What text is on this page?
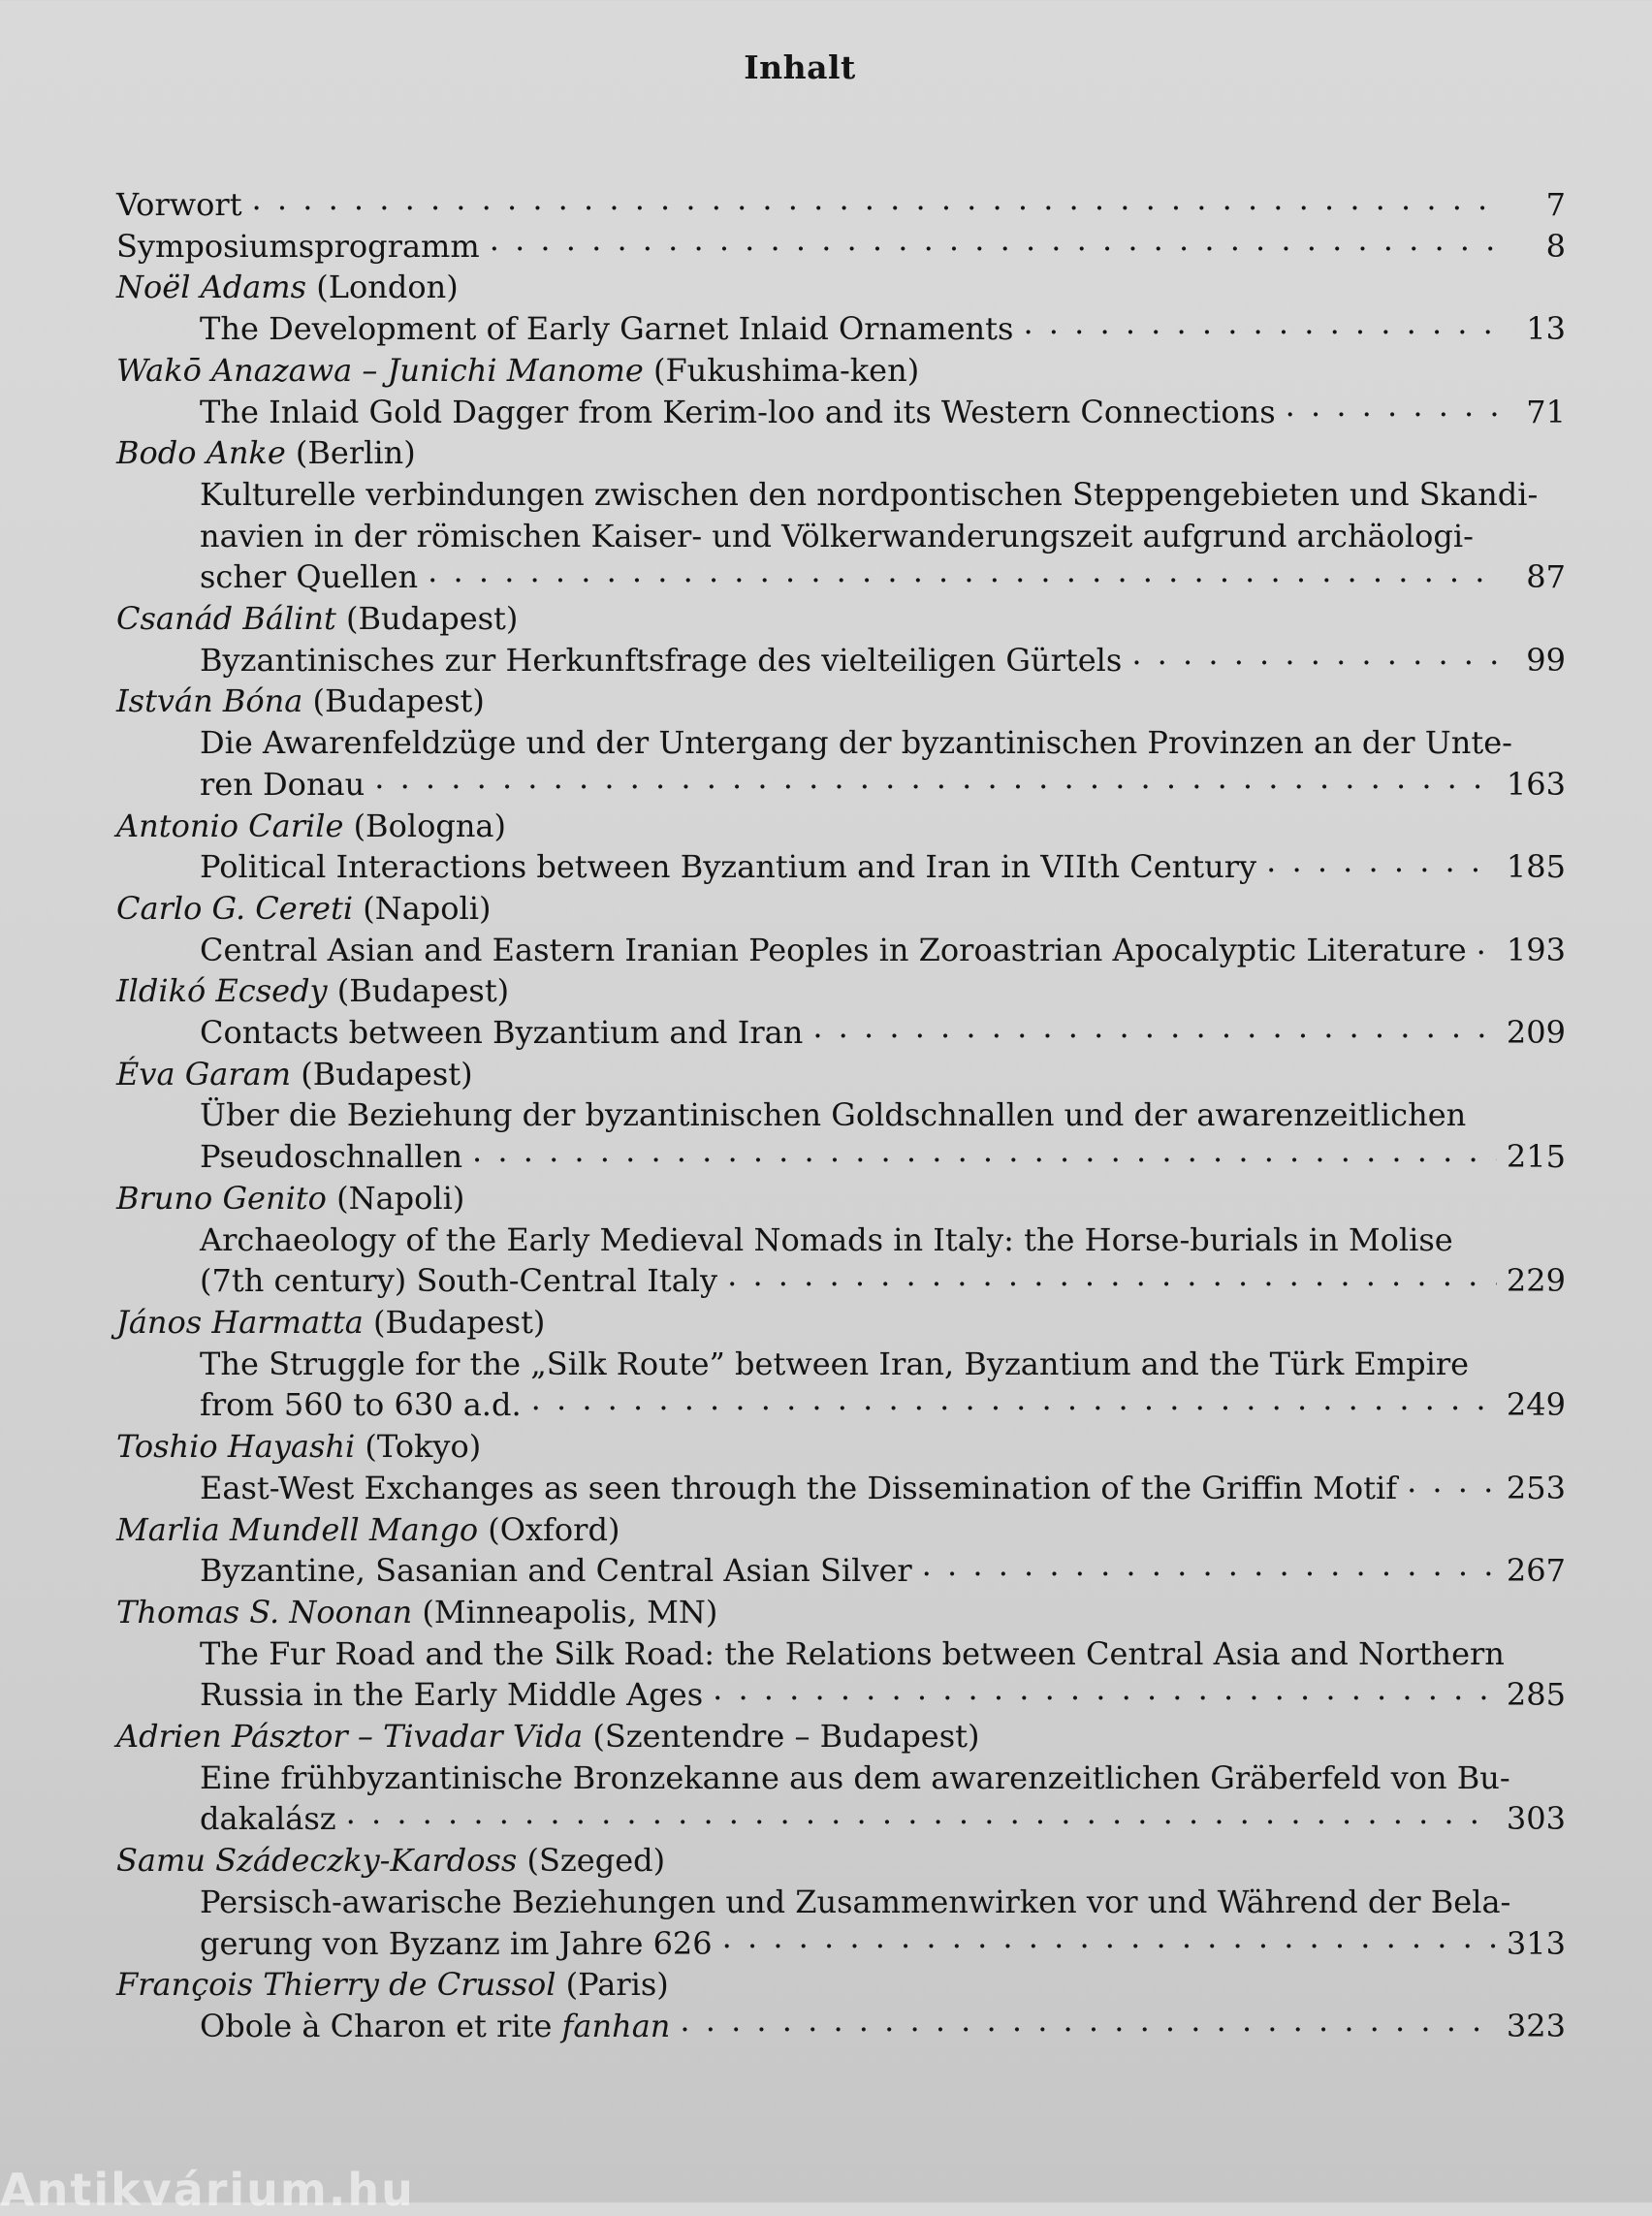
Inhalt
Vorwort . . .	7
Symposiumsprogramm . . .	8
Noël Adams (London)
The Development of Early Garnet Inlaid Ornaments . . .	13
Wakō Anazawa – Junichi Manome (Fukushima-ken)
The Inlaid Gold Dagger from Kerim-loo and its Western Connections . . .	71
Bodo Anke (Berlin)
Kulturelle verbindungen zwischen den nordpontischen Steppengebieten und Skandi-
navien in der römischen Kaiser- und Völkerwanderungszeit aufgrund archäologi-
scher Quellen . . .	87
Csanád Bálint (Budapest)
Byzantinisches zur Herkunftsfrage des vielteiligen Gürtels . . .	99
István Bóna (Budapest)
Die Awarenfeldzüge und der Untergang der byzantinischen Provinzen an der Unte-
ren Donau . . .	163
Antonio Carile (Bologna)
Political Interactions between Byzantium and Iran in VIIth Century . . .	185
Carlo G. Cereti (Napoli)
Central Asian and Eastern Iranian Peoples in Zoroastrian Apocalyptic Literature . . . 193
Ildikó Ecsedy (Budapest)
Contacts between Byzantium and Iran . . .	209
Éva Garam (Budapest)
Über die Beziehung der byzantinischen Goldschnallen und der awarenzeitlichen
Pseudoschnallen . . .	215
Bruno Genito (Napoli)
Archaeology of the Early Medieval Nomads in Italy: the Horse-burials in Molise
(7th century) South-Central Italy . . .	229
János Harmatta (Budapest)
The Struggle for the „Silk Route” between Iran, Byzantium and the Türk Empire
from 560 to 630 a.d. . . .	249
Toshio Hayashi (Tokyo)
East-West Exchanges as seen through the Dissemination of the Griffin Motif . . .	253
Marlia Mundell Mango (Oxford)
Byzantine, Sasanian and Central Asian Silver . . .	267
Thomas S. Noonan (Minneapolis, MN)
The Fur Road and the Silk Road: the Relations between Central Asia and Northern
Russia in the Early Middle Ages . . .	285
Adrien Pásztor – Tivadar Vida (Szentendre – Budapest)
Eine frühbyzantinische Bronzekanne aus dem awarenzeitlichen Gräberfeld von Bu-
dakalász . . .	303
Samu Szádeczky-Kardoss (Szeged)
Persisch-awarische Beziehungen und Zusammenwirken vor und Während der Bela-
gerung von Byzanz im Jahre 626 . . .	313
François Thierry de Crussol (Paris)
Obole à Charon et rite fanhan . . .	323
Antikvárium.hu
